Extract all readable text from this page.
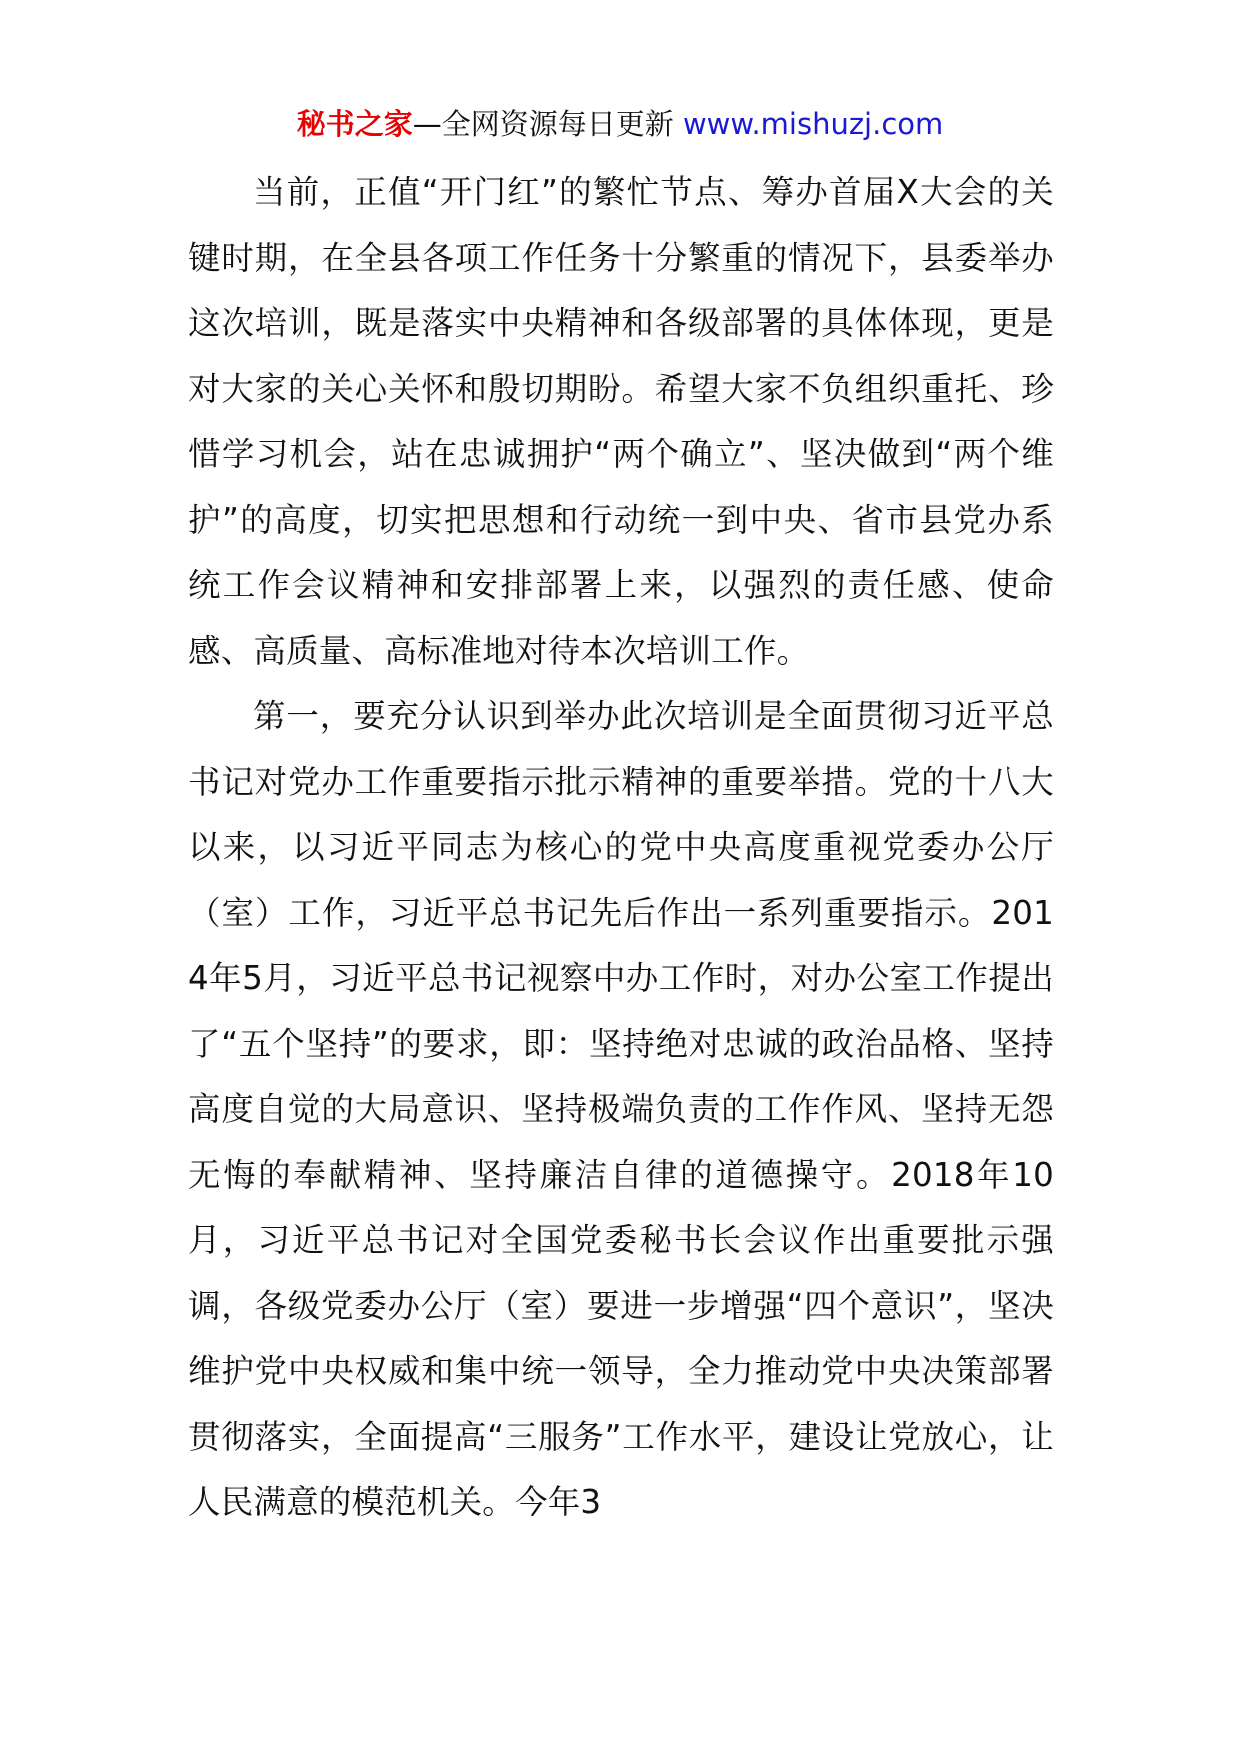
秘书之家—全网资源每日更新 www.mishuzj.com

当前，正值“开门红”的繁忙节点、筹办首届X大会的关键时期，在全县各项工作任务十分繁重的情况下，县委举办这次培训，既是落实中央精神和各级部署的具体体现，更是对大家的关心关怀和殷切期盼。希望大家不负组织重托、珍惜学习机会，站在忠诚拥护“两个确立”、坚决做到“两个维护”的高度，切实把思想和行动统一到中央、省市县党办系统工作会议精神和安排部署上来，以强烈的责任感、使命感、高质量、高标准地对待本次培训工作。

第一，要充分认识到举办此次培训是全面贯彻习近平总书记对党办工作重要指示批示精神的重要举措。党的十八大以来，以习近平同志为核心的党中央高度重视党委办公厅（室）工作，习近平总书记先后作出一系列重要指示。2014年5月，习近平总书记视察中办工作时，对办公室工作提出了“五个坚持”的要求，即：坚持绝对忠诚的政治品格、坚持高度自觉的大局意识、坚持极端负责的工作作风、坚持无怨无悔的奉献精神、坚持廉洁自律的道德操守。2018年10月，习近平总书记对全国党委秘书长会议作出重要批示强调，各级党委办公厅（室）要进一步增强“四个意识”，坚决维护党中央权威和集中统一领导，全力推动党中央决策部署贯彻落实，全面提高“三服务”工作水平，建设让党放心，让人民满意的模范机关。今年3
